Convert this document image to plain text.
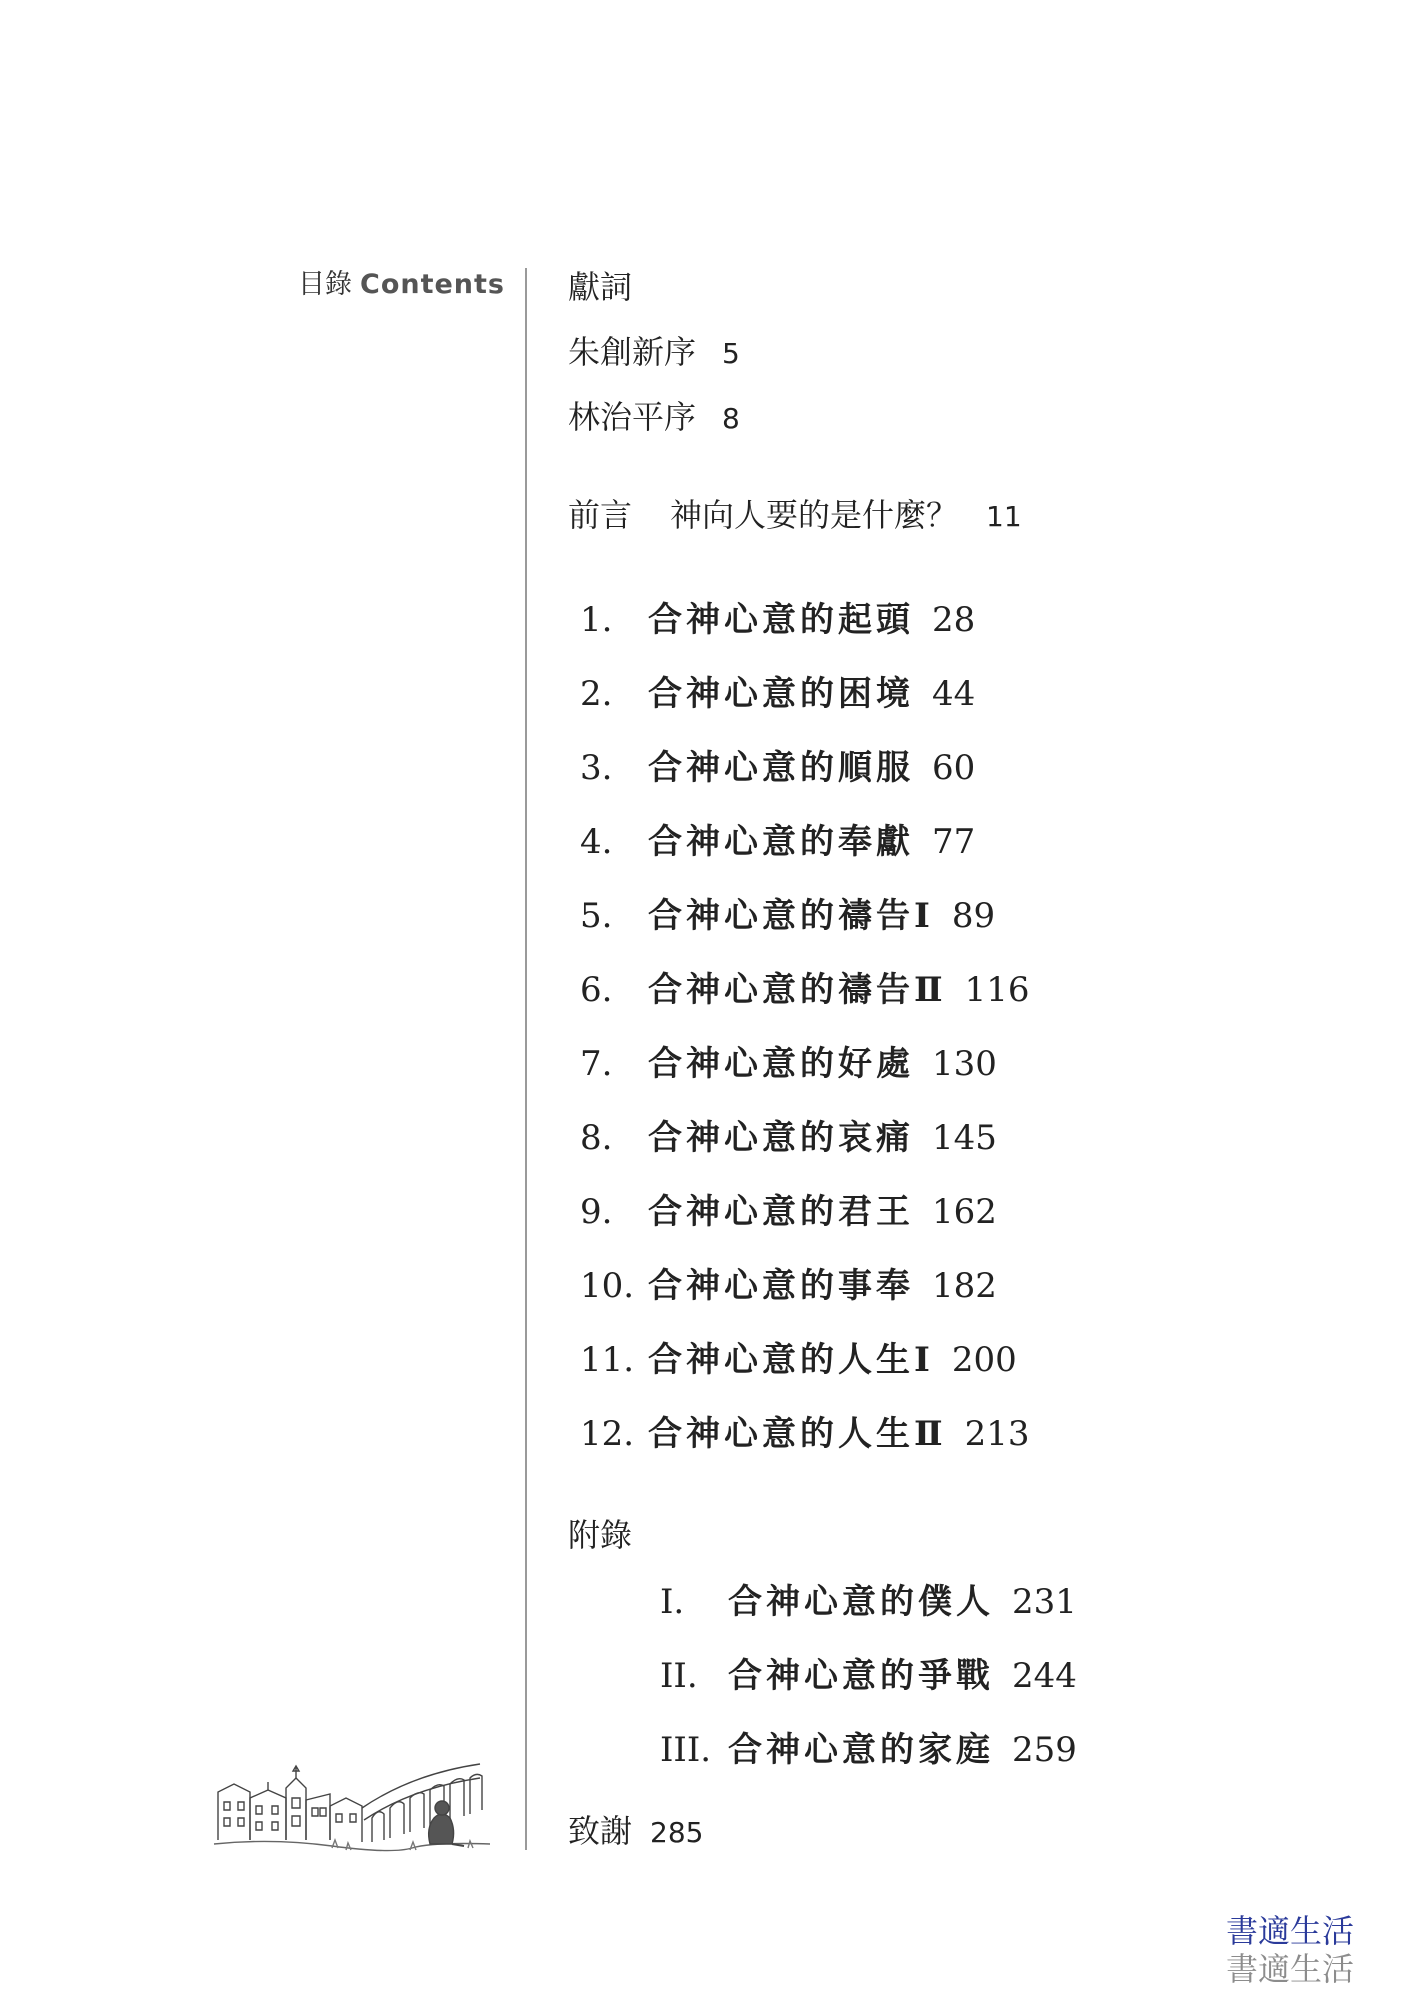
目錄 Contents 獻詞
朱創新序 5
林治平序 8
前言 神向人要的是什麼？ 11
1. 合神心意的起頭 28
2. 合神心意的困境 44
3. 合神心意的順服 60
4. 合神心意的奉獻 77
5. 合神心意的禱告Ⅰ 89
6. 合神心意的禱告Ⅱ 116
7. 合神心意的好處 130
8. 合神心意的哀痛 145
9. 合神心意的君王 162
10. 合神心意的事奉 182
11. 合神心意的人生Ⅰ 200
12. 合神心意的人生Ⅱ 213
附錄
I. 合神心意的僕人 231
II. 合神心意的爭戰 244
III. 合神心意的家庭 259
致謝 285
書適生活
書適生活
